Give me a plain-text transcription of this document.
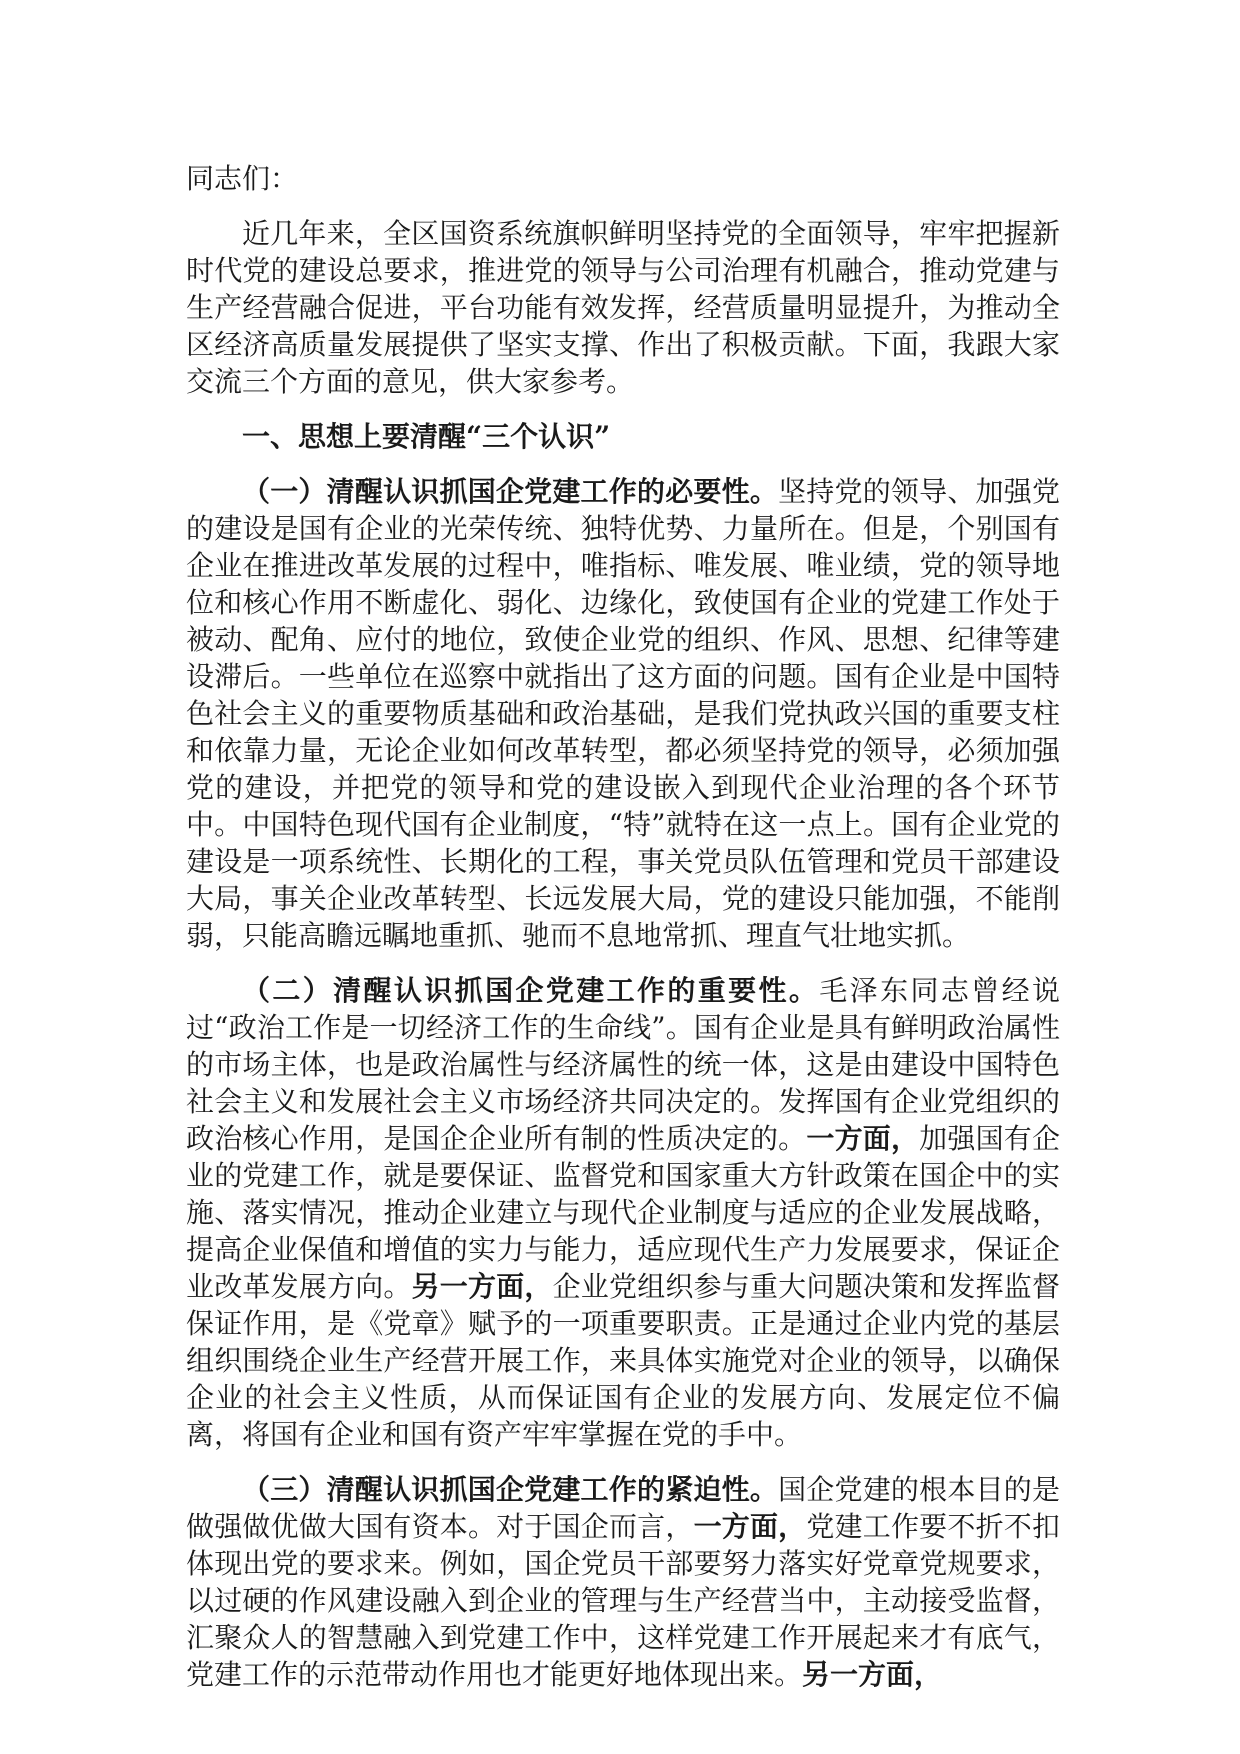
同志们：

近几年来，全区国资系统旗帜鲜明坚持党的全面领导，牢牢把握新时代党的建设总要求，推进党的领导与公司治理有机融合，推动党建与生产经营融合促进，平台功能有效发挥，经营质量明显提升，为推动全区经济高质量发展提供了坚实支撑、作出了积极贡献。下面，我跟大家交流三个方面的意见，供大家参考。

一、思想上要清醒“三个认识”

（一）清醒认识抓国企党建工作的必要性。坚持党的领导、加强党的建设是国有企业的光荣传统、独特优势、力量所在。但是，个别国有企业在推进改革发展的过程中，唯指标、唯发展、唯业绩，党的领导地位和核心作用不断虚化、弱化、边缘化，致使国有企业的党建工作处于被动、配角、应付的地位，致使企业党的组织、作风、思想、纪律等建设滞后。一些单位在巡察中就指出了这方面的问题。国有企业是中国特色社会主义的重要物质基础和政治基础，是我们党执政兴国的重要支柱和依靠力量，无论企业如何改革转型，都必须坚持党的领导，必须加强党的建设，并把党的领导和党的建设嵌入到现代企业治理的各个环节中。中国特色现代国有企业制度，“特”就特在这一点上。国有企业党的建设是一项系统性、长期化的工程，事关党员队伍管理和党员干部建设大局，事关企业改革转型、长远发展大局，党的建设只能加强，不能削弱，只能高瞻远瞩地重抓、驰而不息地常抓、理直气壮地实抓。

（二）清醒认识抓国企党建工作的重要性。毛泽东同志曾经说过“政治工作是一切经济工作的生命线”。国有企业是具有鲜明政治属性的市场主体，也是政治属性与经济属性的统一体，这是由建设中国特色社会主义和发展社会主义市场经济共同决定的。发挥国有企业党组织的政治核心作用，是国企企业所有制的性质决定的。一方面，加强国有企业的党建工作，就是要保证、监督党和国家重大方针政策在国企中的实施、落实情况，推动企业建立与现代企业制度与适应的企业发展战略，提高企业保值和增值的实力与能力，适应现代生产力发展要求，保证企业改革发展方向。另一方面，企业党组织参与重大问题决策和发挥监督保证作用，是《党章》赋予的一项重要职责。正是通过企业内党的基层组织围绕企业生产经营开展工作，来具体实施党对企业的领导，以确保企业的社会主义性质，从而保证国有企业的发展方向、发展定位不偏离，将国有企业和国有资产牢牢掌握在党的手中。

（三）清醒认识抓国企党建工作的紧迫性。国企党建的根本目的是做强做优做大国有资本。对于国企而言，一方面，党建工作要不折不扣体现出党的要求来。例如，国企党员干部要努力落实好党章党规要求，以过硬的作风建设融入到企业的管理与生产经营当中，主动接受监督，汇聚众人的智慧融入到党建工作中，这样党建工作开展起来才有底气，党建工作的示范带动作用也才能更好地体现出来。另一方面，
